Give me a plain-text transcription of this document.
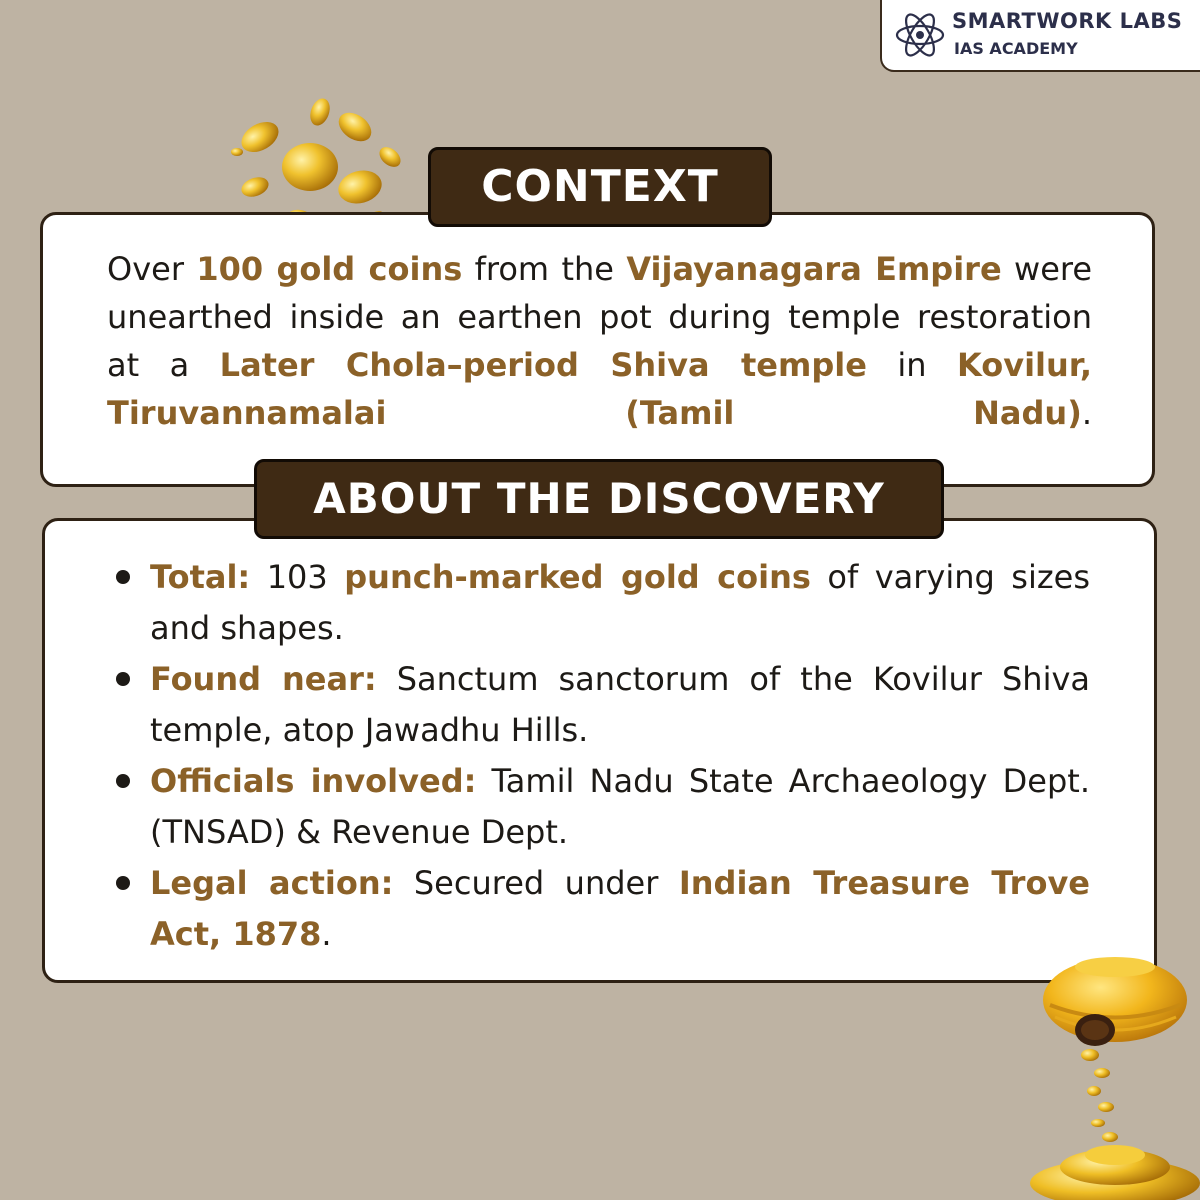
SMARTWORK LABS
IAS ACADEMY
CONTEXT
Over 100 gold coins from the Vijayanagara Empire were unearthed inside an earthen pot during temple restoration at a Later Chola–period Shiva temple in Kovilur, Tiruvannamalai (Tamil Nadu).
ABOUT THE DISCOVERY
Total: 103 punch-marked gold coins of varying sizes and shapes.
Found near: Sanctum sanctorum of the Kovilur Shiva temple, atop Jawadhu Hills.
Officials involved: Tamil Nadu State Archaeology Dept. (TNSAD) & Revenue Dept.
Legal action: Secured under Indian Treasure Trove Act, 1878.
